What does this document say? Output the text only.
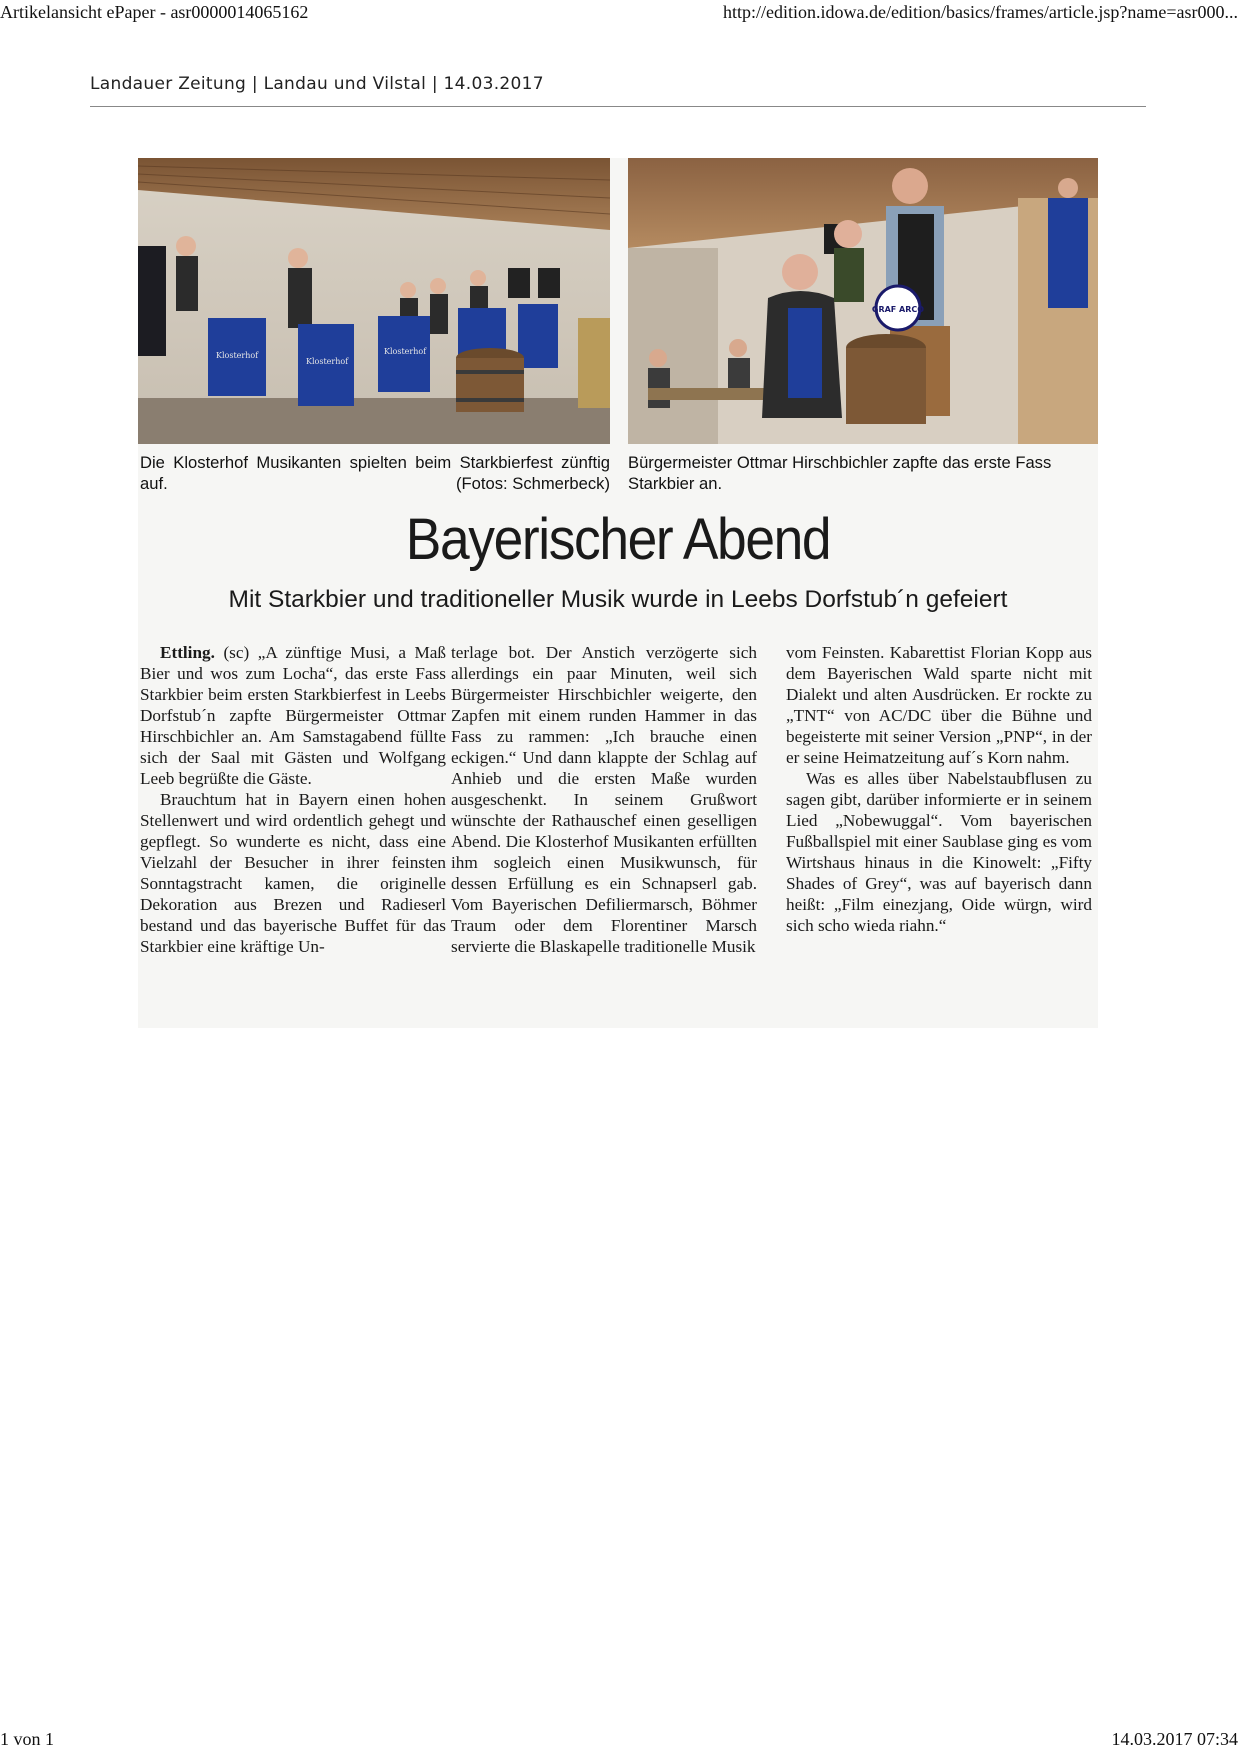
Artikelansicht ePaper - asr0000014065162	http://edition.idowa.de/edition/basics/frames/article.jsp?name=asr000...
Landauer Zeitung | Landau und Vilstal | 14.03.2017
Klosterhof
Klosterhof
Klosterhof
GRAF ARCO
Die Klosterhof Musikanten spielten beim Starkbierfest zünftig auf.	(Fotos: Schmerbeck)
Bürgermeister Ottmar Hirschbichler zapfte das erste Fass Starkbier an.
Bayerischer Abend
Mit Starkbier und traditioneller Musik wurde in Leebs Dorfstub´n gefeiert

Ettling. (sc) „A zünftige Musi, a Maß Bier und wos zum Locha“, das erste Fass Starkbier beim ersten Starkbierfest in Leebs Dorfstub´n zapfte Bürgermeister Ottmar Hirschbichler an. Am Samstagabend füllte sich der Saal mit Gästen und Wolfgang Leeb begrüßte die Gäste.

Brauchtum hat in Bayern einen hohen Stellenwert und wird ordentlich gehegt und gepflegt. So wunderte es nicht, dass eine Vielzahl der Besucher in ihrer feinsten Sonntagstracht kamen, die originelle Dekoration aus Brezen und Radieserl bestand und das bayerische Buffet für das Starkbier eine kräftige Un-

terlage bot. Der Anstich verzögerte sich allerdings ein paar Minuten, weil sich Bürgermeister Hirschbichler weigerte, den Zapfen mit einem runden Hammer in das Fass zu rammen: „Ich brauche einen eckigen.“ Und dann klappte der Schlag auf Anhieb und die ersten Maße wurden ausgeschenkt. In seinem Grußwort wünschte der Rathauschef einen geselligen Abend. Die Klosterhof Musikanten erfüllten ihm sogleich einen Musikwunsch, für dessen Erfüllung es ein Schnapserl gab. Vom Bayerischen Defiliermarsch, Böhmer Traum oder dem Florentiner Marsch servierte die Blaskapelle traditionelle Musik

vom Feinsten. Kabarettist Florian Kopp aus dem Bayerischen Wald sparte nicht mit Dialekt und alten Ausdrücken. Er rockte zu „TNT“ von AC/DC über die Bühne und begeisterte mit seiner Version „PNP“, in der er seine Heimatzeitung auf´s Korn nahm.

Was es alles über Nabelstaubflusen zu sagen gibt, darüber informierte er in seinem Lied „Nobewuggal“. Vom bayerischen Fußballspiel mit einer Saublase ging es vom Wirtshaus hinaus in die Kinowelt: „Fifty Shades of Grey“, was auf bayerisch dann heißt: „Film einezjang, Oide würgn, wird sich scho wieda riahn.“

1 von 1	14.03.2017 07:34
